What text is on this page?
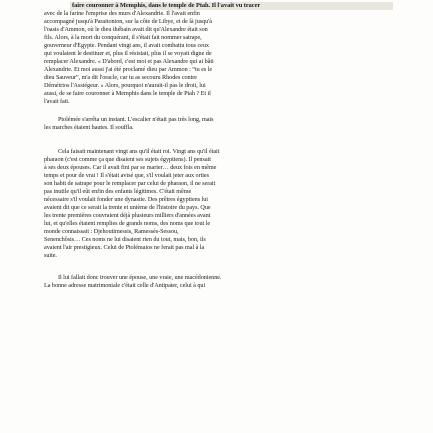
faire couronner à Memphis, dans le temple de Ptah. Il l'avait vu tracer
avec de la farine l'emprise des murs d'Alexandrie. Il l'avait enfin
accompagné jusqu'à Paraitonion, sur la côte de Libye, et de là jusqu'à
l'oasis d'Ammon, où le dieu thébain avait dit qu'Alexandre était son
fils. Alors, à la mort du conquérant, il s'était fait nommer satrape,
gouverneur d'Égypte. Pendant vingt ans, il avait combattu tous ceux
qui voulaient le destituer et, plus il résistait, plus il se voyait digne de
remplacer Alexandre. « D'abord, c'est moi et pas Alexandre qui ai bâti
Alexandrie. Et moi aussi j'ai été proclamé dieu par Ammon : “tu es le
dieu Sauveur”, m'a dit l'oracle, car tu as secouru Rhodes contre
Démétrios l'Assiégeur. » Alors, pourquoi n'aurait-il pas le droit, lui
aussi, de se faire couronner à Memphis dans le temple de Ptah ? Et il
l'avait fait.
Ptolémée s'arrêta un instant. L'escalier n'était pas très long, mais
les marches étaient hautes. Il souffla.
Cela faisait maintenant vingt ans qu'il était roi. Vingt ans qu'il était
pharaon (c'est comme ça que disaient ses sujets égyptiens). Il pensait
à ses deux épouses. Car il avait fini par se marier… deux fois en même
temps et pour de vrai ! Il s'était avisé que, s'il voulait jeter aux orties
son habit de satrape pour le remplacer par celui de pharaon, il ne serait
pas inutile qu'il eût enfin des enfants légitimes. C'était même
nécessaire s'il voulait fonder une dynastie. Des prêtres égyptiens lui
avaient dit que ce serait la trente et unième de l'histoire du pays. Que
les trente premières couvraient déjà plusieurs milliers d'années avant
lui, et qu'elles étaient remplies de grands noms, des noms que tout le
monde connaissait : Djehoutimessis, Ramessès-Sessou,
Senenchôsis… Ces noms ne lui disaient rien du tout, mais, bon, ils
avaient l'air prestigieux. Celui de Ptolémaios ne ferait pas mal à la
suite.
Il lui fallait donc trouver une épouse, une vraie, une macédonienne.
La bonne adresse matrimoniale c'était celle d'Antipater, celui à qui
